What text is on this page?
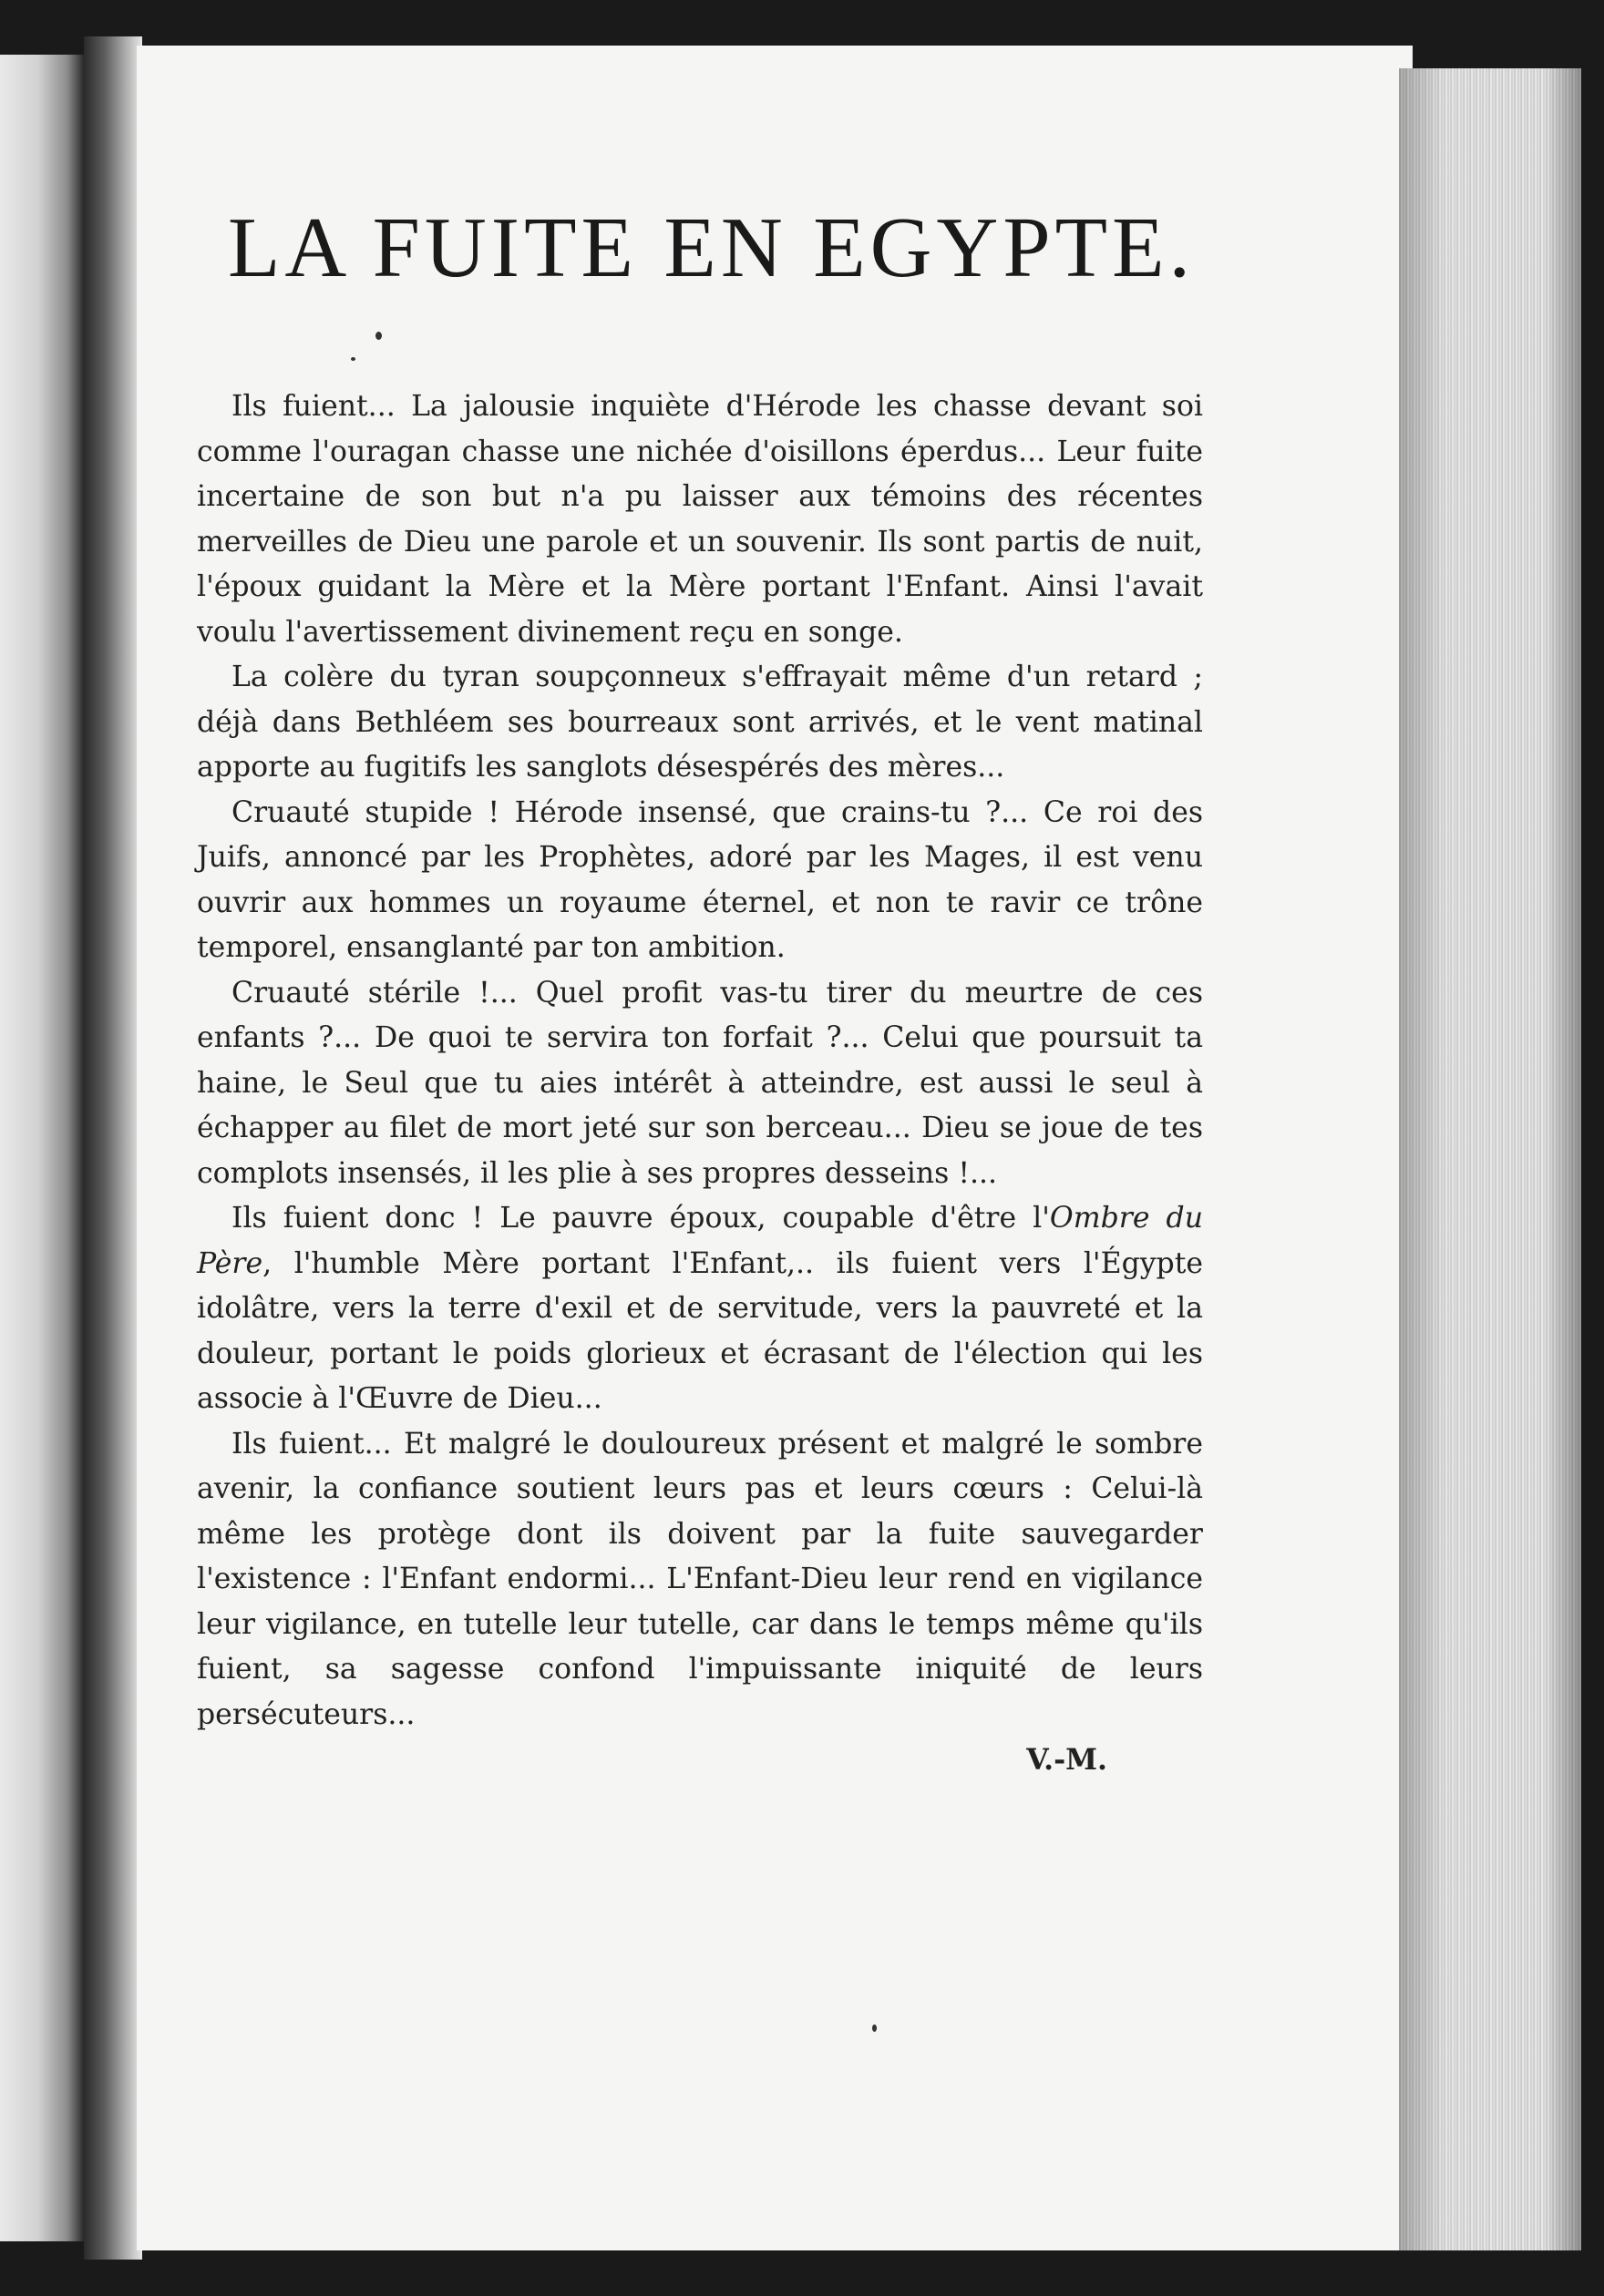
LA FUITE EN EGYPTE.

Ils fuient... La jalousie inquiète d'Hérode les chasse devant soi comme l'ouragan chasse une nichée d'oisillons éperdus... Leur fuite incertaine de son but n'a pu laisser aux témoins des récentes merveilles de Dieu une parole et un souvenir. Ils sont partis de nuit, l'époux guidant la Mère et la Mère portant l'Enfant. Ainsi l'avait voulu l'avertissement divinement reçu en songe.

La colère du tyran soupçonneux s'effrayait même d'un retard ; déjà dans Bethléem ses bourreaux sont arrivés, et le vent matinal apporte au fugitifs les sanglots désespérés des mères...

Cruauté stupide ! Hérode insensé, que crains-tu ?... Ce roi des Juifs, annoncé par les Prophètes, adoré par les Mages, il est venu ouvrir aux hommes un royaume éternel, et non te ravir ce trône temporel, ensanglanté par ton ambition.

Cruauté stérile !... Quel profit vas-tu tirer du meurtre de ces enfants ?... De quoi te servira ton forfait ?... Celui que poursuit ta haine, le Seul que tu aies intérêt à atteindre, est aussi le seul à échapper au filet de mort jeté sur son berceau... Dieu se joue de tes complots insensés, il les plie à ses propres desseins !...

Ils fuient donc ! Le pauvre époux, coupable d'être l'Ombre du Père, l'humble Mère portant l'Enfant,.. ils fuient vers l'Égypte idolâtre, vers la terre d'exil et de servitude, vers la pauvreté et la douleur, portant le poids glorieux et écrasant de l'élection qui les associe à l'Œuvre de Dieu...

Ils fuient... Et malgré le douloureux présent et malgré le sombre avenir, la confiance soutient leurs pas et leurs cœurs : Celui-là même les protège dont ils doivent par la fuite sauvegarder l'existence : l'Enfant endormi... L'Enfant-Dieu leur rend en vigilance leur vigilance, en tutelle leur tutelle, car dans le temps même qu'ils fuient, sa sagesse confond l'impuissante iniquité de leurs persécuteurs...

V.-M.
